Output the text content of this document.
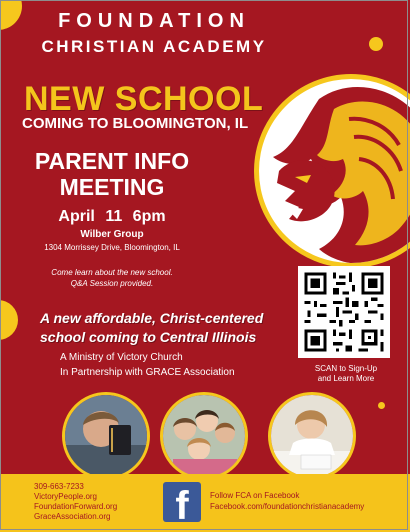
FOUNDATION
CHRISTIAN ACADEMY
NEW SCHOOL
COMING TO BLOOMINGTON, IL
PARENT INFO
MEETING
April 11 6pm
Wilber Group
1304 Morrissey Drive, Bloomington, IL
Come learn about the new school.
Q&A Session provided.
SCAN to Sign-Up
and Learn More
A new affordable, Christ-centered
school coming to Central Illinois
A Ministry of Victory Church
In Partnership with GRACE Association
309-663-7233
VictoryPeople.org
FoundationForward.org
GraceAssociation.org	f	Follow FCA on Facebook
Facebook.com/foundationchristianacademy
